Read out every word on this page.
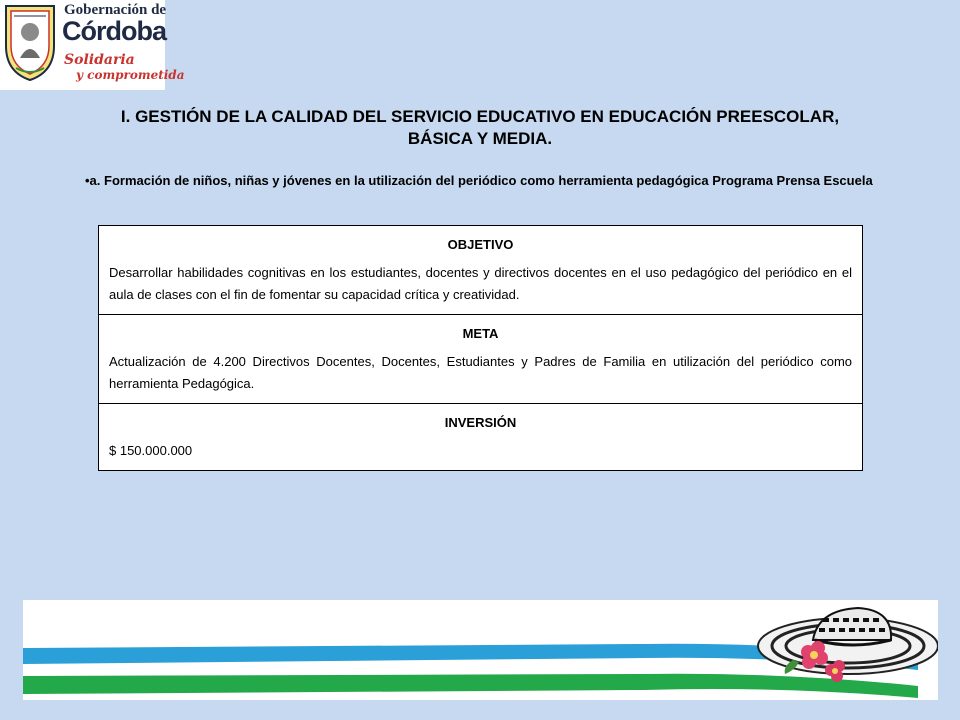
Gobernación de
Córdoba
Solidaria
y comprometida
I. GESTIÓN DE LA CALIDAD DEL SERVICIO EDUCATIVO EN EDUCACIÓN PREESCOLAR, BÁSICA Y MEDIA.

•a. Formación de niños, niñas y jóvenes en la utilización del periódico como herramienta pedagógica Programa Prensa Escuela

OBJETIVO
Desarrollar habilidades cognitivas en los estudiantes, docentes y directivos docentes en el uso pedagógico del periódico en el aula de clases con el fin de fomentar su capacidad crítica y creatividad.

META
Actualización de 4.200 Directivos Docentes, Docentes, Estudiantes y Padres de Familia en utilización del periódico como herramienta Pedagógica.

INVERSIÓN
$ 150.000.000
